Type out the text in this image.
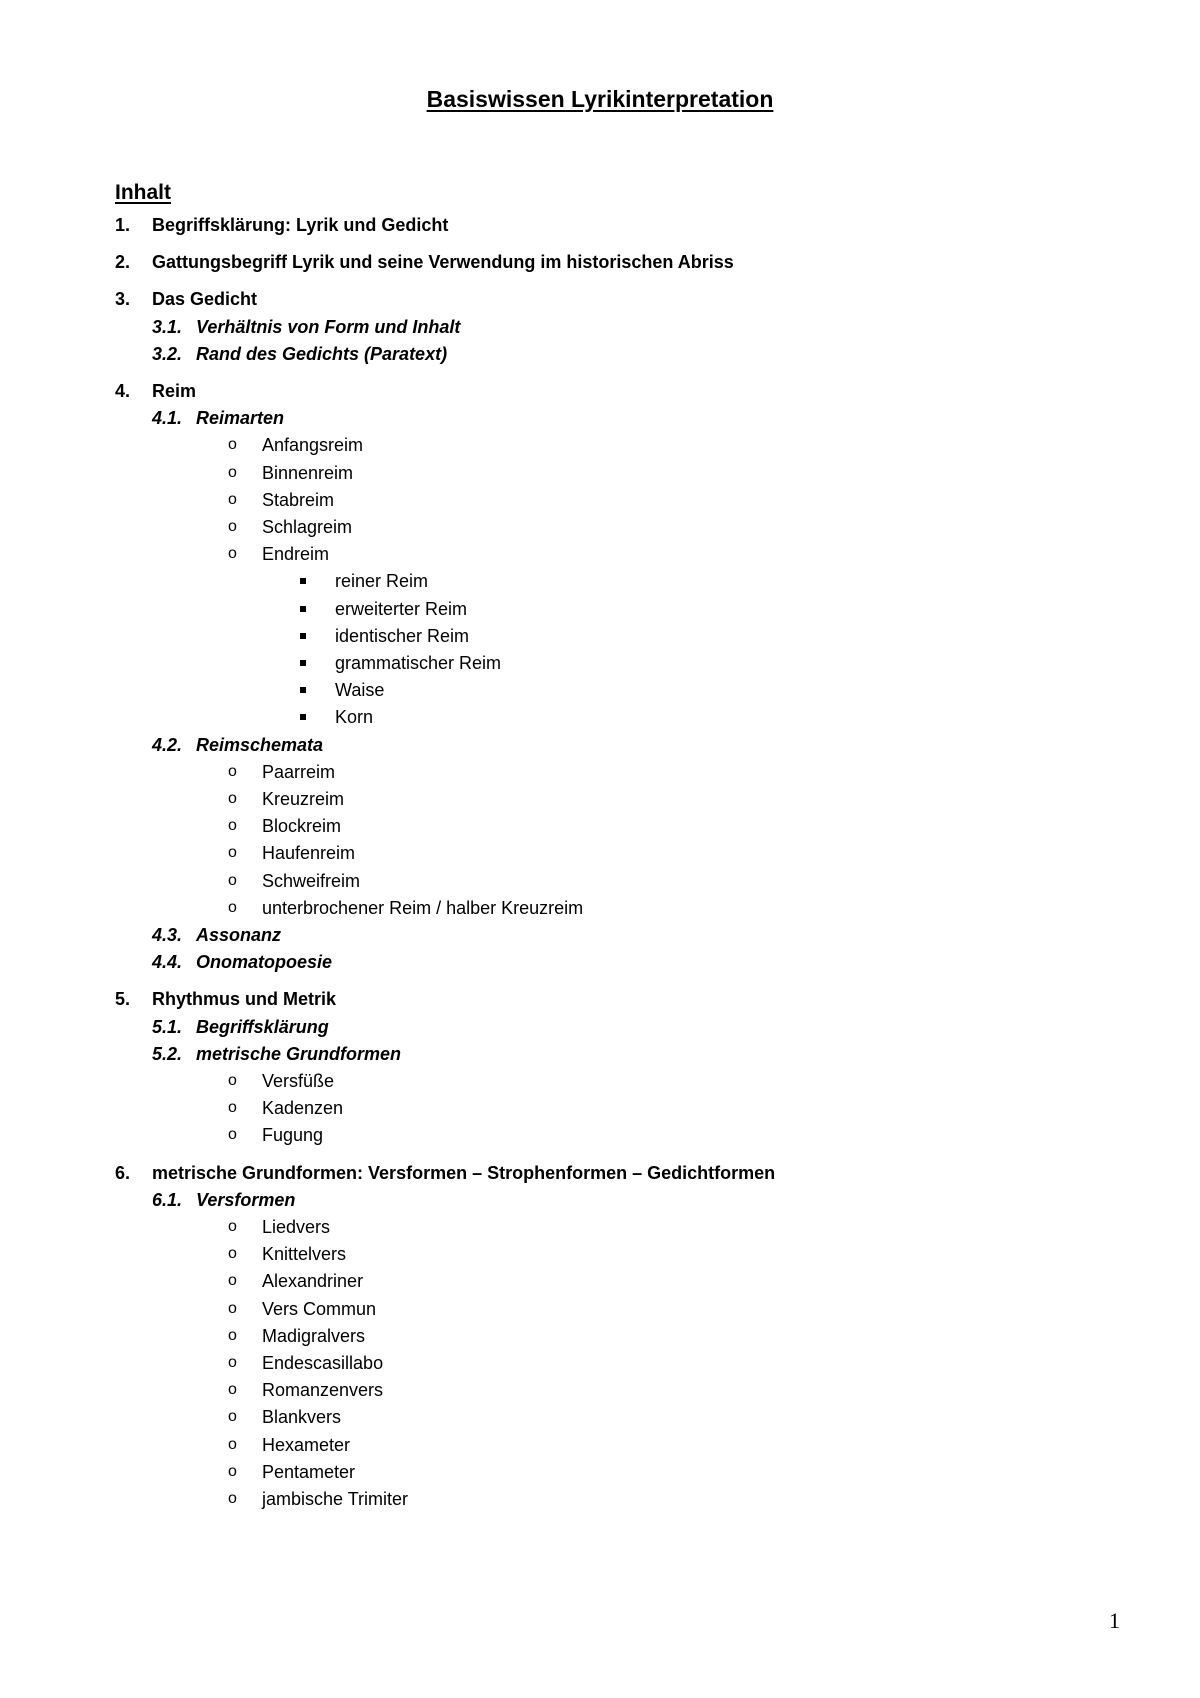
Basiswissen Lyrikinterpretation
Inhalt
1. Begriffsklärung: Lyrik und Gedicht
2. Gattungsbegriff Lyrik und seine Verwendung im historischen Abriss
3. Das Gedicht
3.1. Verhältnis von Form und Inhalt
3.2. Rand des Gedichts (Paratext)
4. Reim
4.1. Reimarten
o Anfangsreim
o Binnenreim
o Stabreim
o Schlagreim
o Endreim
reiner Reim
erweiterter Reim
identischer Reim
grammatischer Reim
Waise
Korn
4.2. Reimschemata
o Paarreim
o Kreuzreim
o Blockreim
o Haufenreim
o Schweifreim
o unterbrochener Reim / halber Kreuzreim
4.3. Assonanz
4.4. Onomatopoesie
5. Rhythmus und Metrik
5.1. Begriffsklärung
5.2. metrische Grundformen
o Versfüße
o Kadenzen
o Fugung
6. metrische Grundformen: Versformen – Strophenformen – Gedichtformen
6.1. Versformen
o Liedvers
o Knittelvers
o Alexandriner
o Vers Commun
o Madigralvers
o Endescasillabo
o Romanzenvers
o Blankvers
o Hexameter
o Pentameter
o jambische Trimiter
1
